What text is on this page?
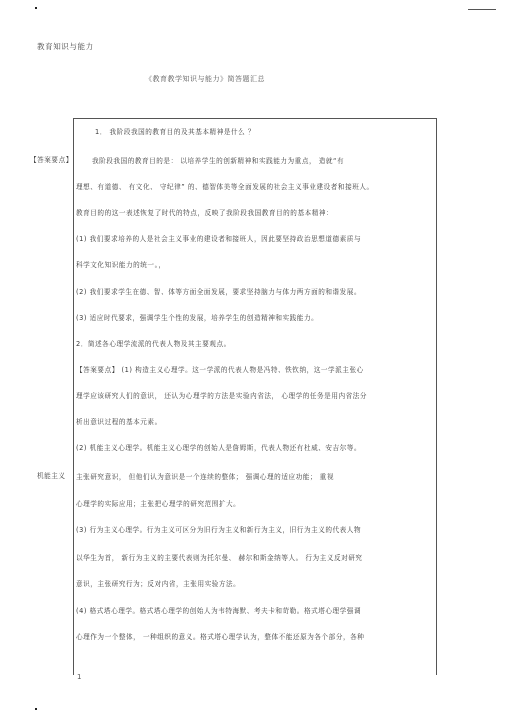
教育知识与能力
《教育教学知识与能力》简答题汇总
1． 我阶段我国的教育目的及其基本精神是什么 ？
我阶段我国的教育目的是： 以培养学生的创新精神和实践能力为重点， 造就“有
理想、有道德、 有文化、 守纪律” 的、德智体美等全面发展的社会主义事业建设者和接班人。
教育目的的这一表述恢复了时代的特点，反映了我阶段我国教育目的的基本精神：
(1) 我们要求培养的人是社会主义事业的建设者和接班人，因此要坚持政治思想道德素质与
科学文化知识能力的统一。，
(2) 我们要求学生在德、智、体等方面全面发展，要求坚持脑力与体力两方面的和谐发展。
(3) 适应时代要求，强调学生个性的发展，培养学生的创造精神和实践能力。
2．简述各心理学流派的代表人物及其主要观点。
【答案要点】 (1) 构造主义心理学。这一学派的代表人物是冯特、铁钦纳，这一学派主张心
理学应该研究人们的意识， 还认为心理学的方法是实验内省法， 心理学的任务是用内省法分
析出意识过程的基本元素。
(2) 机能主义心理学。机能主义心理学的创始人是詹姆斯，代表人物还有杜威、安吉尔等。
主张研究意识， 但他们认为意识是一个连续的整体； 强调心理的适应功能； 重视
心理学的实际应用；主张把心理学的研究范围扩大。
(3) 行为主义心理学。行为主义可区分为旧行为主义和新行为主义，旧行为主义的代表人物
以华生为首， 新行为主义的主要代表则为托尔曼、 赫尔和斯金纳等人。 行为主义反对研究
意识，主张研究行为；反对内省，主张用实验方法。
(4) 格式塔心理学。格式塔心理学的创始人为韦特海默、考夫卡和苛勒。格式塔心理学强调
心理作为一个整体， 一种组织的意义。格式塔心理学认为，整体不能还原为各个部分，各种
【答案要点】
机能主义
1
